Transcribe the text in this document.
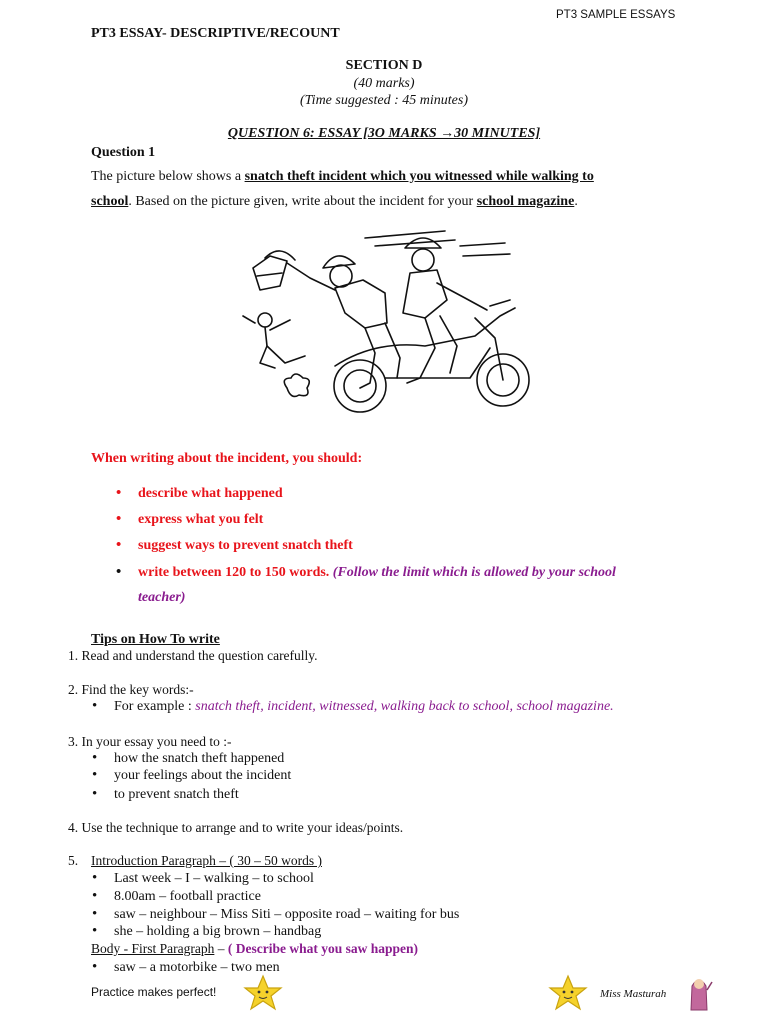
PT3 SAMPLE ESSAYS
PT3 ESSAY- DESCRIPTIVE/RECOUNT
SECTION D
(40 marks)
(Time suggested : 45 minutes)
QUESTION 6: ESSAY [3O MARKS →30 MINUTES]
Question 1
The picture below shows a snatch theft incident which you witnessed while walking to
school. Based on the picture given, write about the incident for your school magazine.
When writing about the incident, you should:
• describe what happened
• express what you felt
• suggest ways to prevent snatch theft
• write between 120 to 150 words. (Follow the limit which is allowed by your school
teacher)
Tips on How To write
1. Read and understand the question carefully.
2. Find the key words:-
• For example : snatch theft, incident, witnessed, walking back to school, school magazine.
3. In your essay you need to :-
• how the snatch theft happened
• your feelings about the incident
• to prevent snatch theft
4. Use the technique to arrange and to write your ideas/points.
5. Introduction Paragraph – ( 30 – 50 words )
• Last week – I – walking – to school
• 8.00am – football practice
• saw – neighbour – Miss Siti – opposite road – waiting for bus
• she – holding a big brown – handbag
Body - First Paragraph – ( Describe what you saw happen)
• saw – a motorbike – two men
Practice makes perfect!	Miss Masturah
